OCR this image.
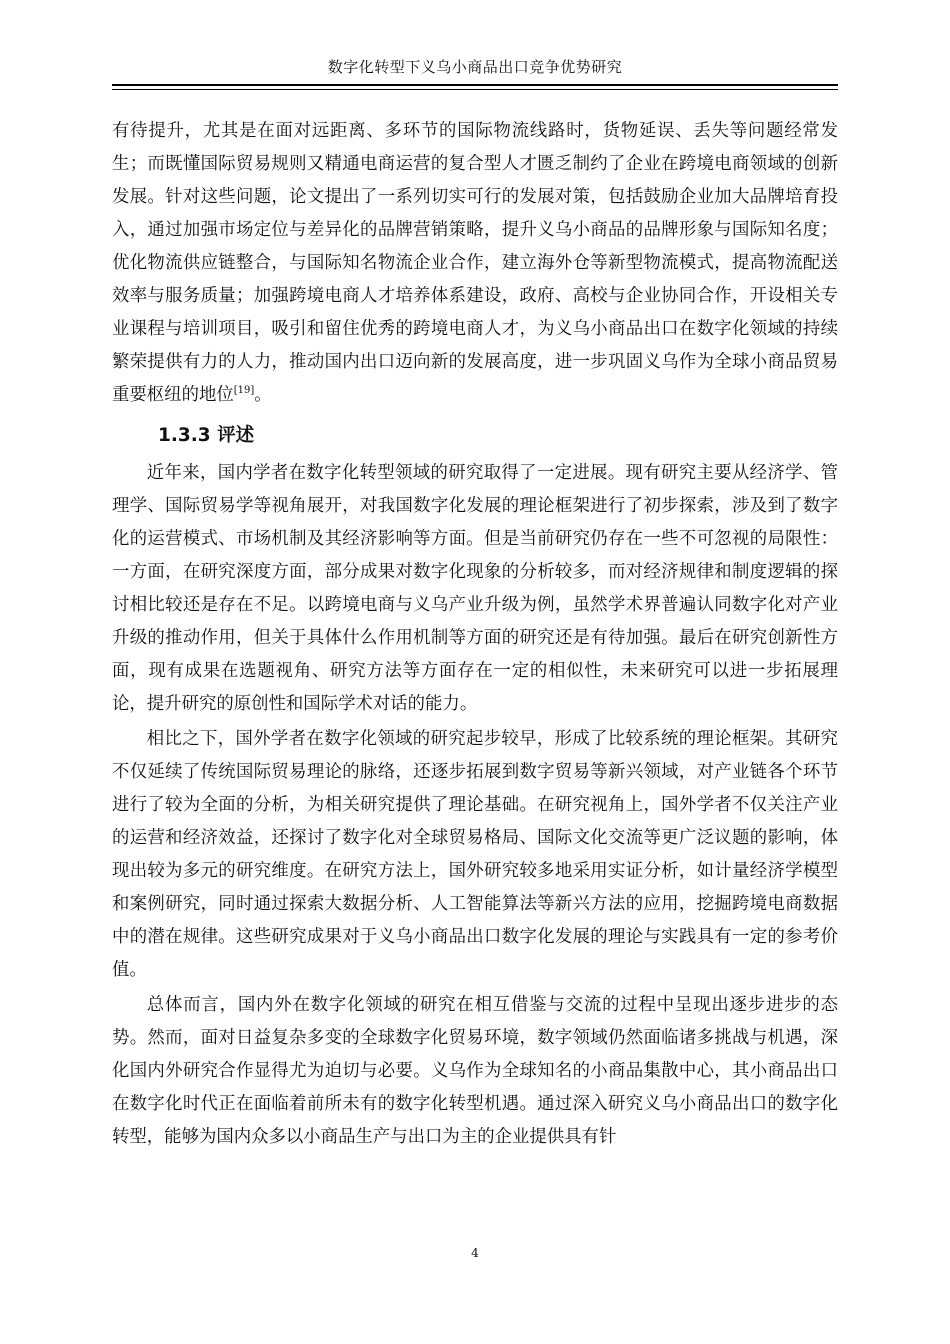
数字化转型下义乌小商品出口竞争优势研究

有待提升，尤其是在面对远距离、多环节的国际物流线路时，货物延误、丢失等问题经常发生；而既懂国际贸易规则又精通电商运营的复合型人才匮乏制约了企业在跨境电商领域的创新发展。针对这些问题，论文提出了一系列切实可行的发展对策，包括鼓励企业加大品牌培育投入，通过加强市场定位与差异化的品牌营销策略，提升义乌小商品的品牌形象与国际知名度；优化物流供应链整合，与国际知名物流企业合作，建立海外仓等新型物流模式，提高物流配送效率与服务质量；加强跨境电商人才培养体系建设，政府、高校与企业协同合作，开设相关专业课程与培训项目，吸引和留住优秀的跨境电商人才，为义乌小商品出口在数字化领域的持续繁荣提供有力的人力，推动国内出口迈向新的发展高度，进一步巩固义乌作为全球小商品贸易重要枢纽的地位[19]。

1.3.3 评述

近年来，国内学者在数字化转型领域的研究取得了一定进展。现有研究主要从经济学、管理学、国际贸易学等视角展开，对我国数字化发展的理论框架进行了初步探索，涉及到了数字化的运营模式、市场机制及其经济影响等方面。但是当前研究仍存在一些不可忽视的局限性：一方面，在研究深度方面，部分成果对数字化现象的分析较多，而对经济规律和制度逻辑的探讨相比较还是存在不足。以跨境电商与义乌产业升级为例，虽然学术界普遍认同数字化对产业升级的推动作用，但关于具体什么作用机制等方面的研究还是有待加强。最后在研究创新性方面，现有成果在选题视角、研究方法等方面存在一定的相似性，未来研究可以进一步拓展理论，提升研究的原创性和国际学术对话的能力。

相比之下，国外学者在数字化领域的研究起步较早，形成了比较系统的理论框架。其研究不仅延续了传统国际贸易理论的脉络，还逐步拓展到数字贸易等新兴领域，对产业链各个环节进行了较为全面的分析，为相关研究提供了理论基础。在研究视角上，国外学者不仅关注产业的运营和经济效益，还探讨了数字化对全球贸易格局、国际文化交流等更广泛议题的影响，体现出较为多元的研究维度。在研究方法上，国外研究较多地采用实证分析，如计量经济学模型和案例研究，同时通过探索大数据分析、人工智能算法等新兴方法的应用，挖掘跨境电商数据中的潜在规律。这些研究成果对于义乌小商品出口数字化发展的理论与实践具有一定的参考价值。

总体而言，国内外在数字化领域的研究在相互借鉴与交流的过程中呈现出逐步进步的态势。然而，面对日益复杂多变的全球数字化贸易环境，数字领域仍然面临诸多挑战与机遇，深化国内外研究合作显得尤为迫切与必要。义乌作为全球知名的小商品集散中心，其小商品出口在数字化时代正在面临着前所未有的数字化转型机遇。通过深入研究义乌小商品出口的数字化转型，能够为国内众多以小商品生产与出口为主的企业提供具有针

4
